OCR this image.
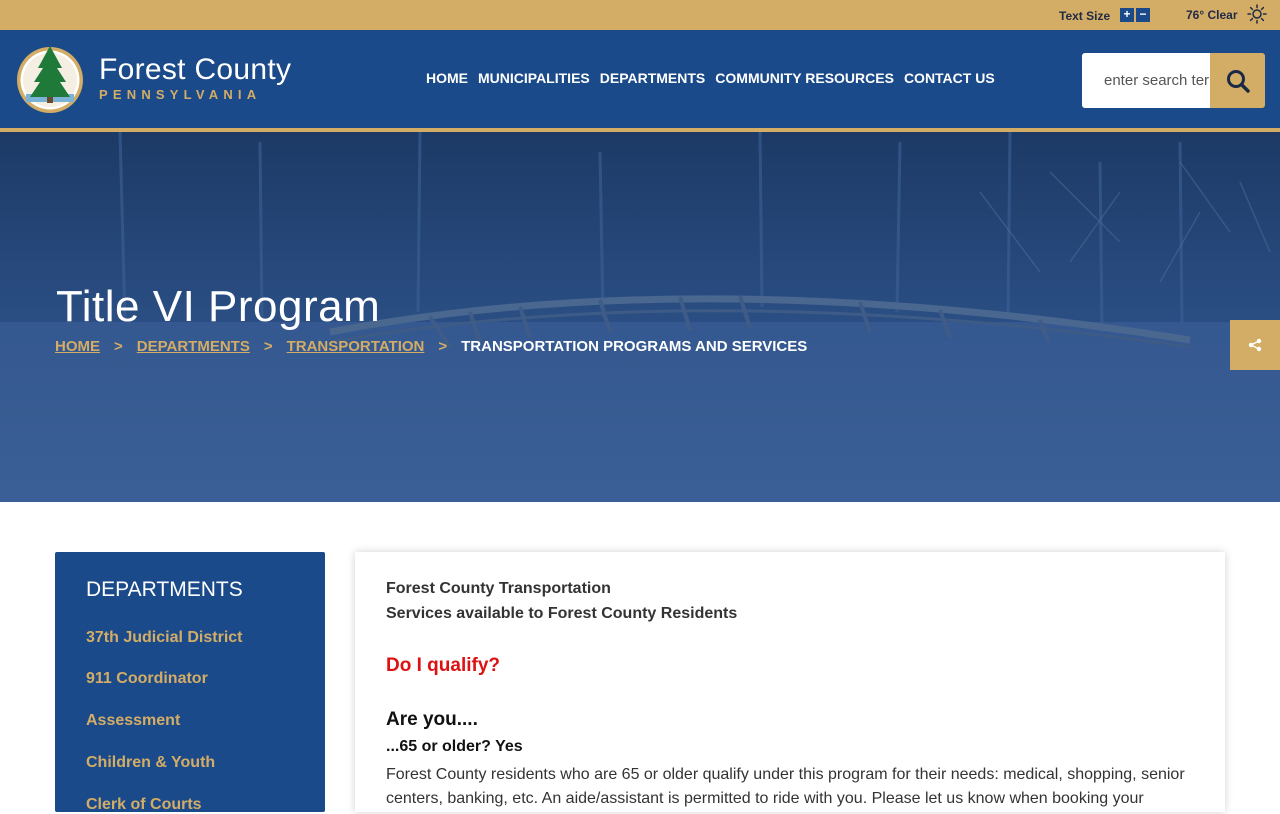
Text Size + −	76° Clear
Forest County
PENNSYLVANIA
HOME MUNICIPALITIES DEPARTMENTS COMMUNITY RESOURCES CONTACT US
enter search terms
Title VI Program
HOME > DEPARTMENTS > TRANSPORTATION > TRANSPORTATION PROGRAMS AND SERVICES
DEPARTMENTS
37th Judicial District
911 Coordinator
Assessment
Children & Youth
Clerk of Courts
Forest County Transportation
Services available to Forest County Residents
Do I qualify?
Are you....
...65 or older? Yes

Forest County residents who are 65 or older qualify under this program for their needs: medical, shopping, senior centers, banking, etc. An aide/assistant is permitted to ride with you. Please let us know when booking your
